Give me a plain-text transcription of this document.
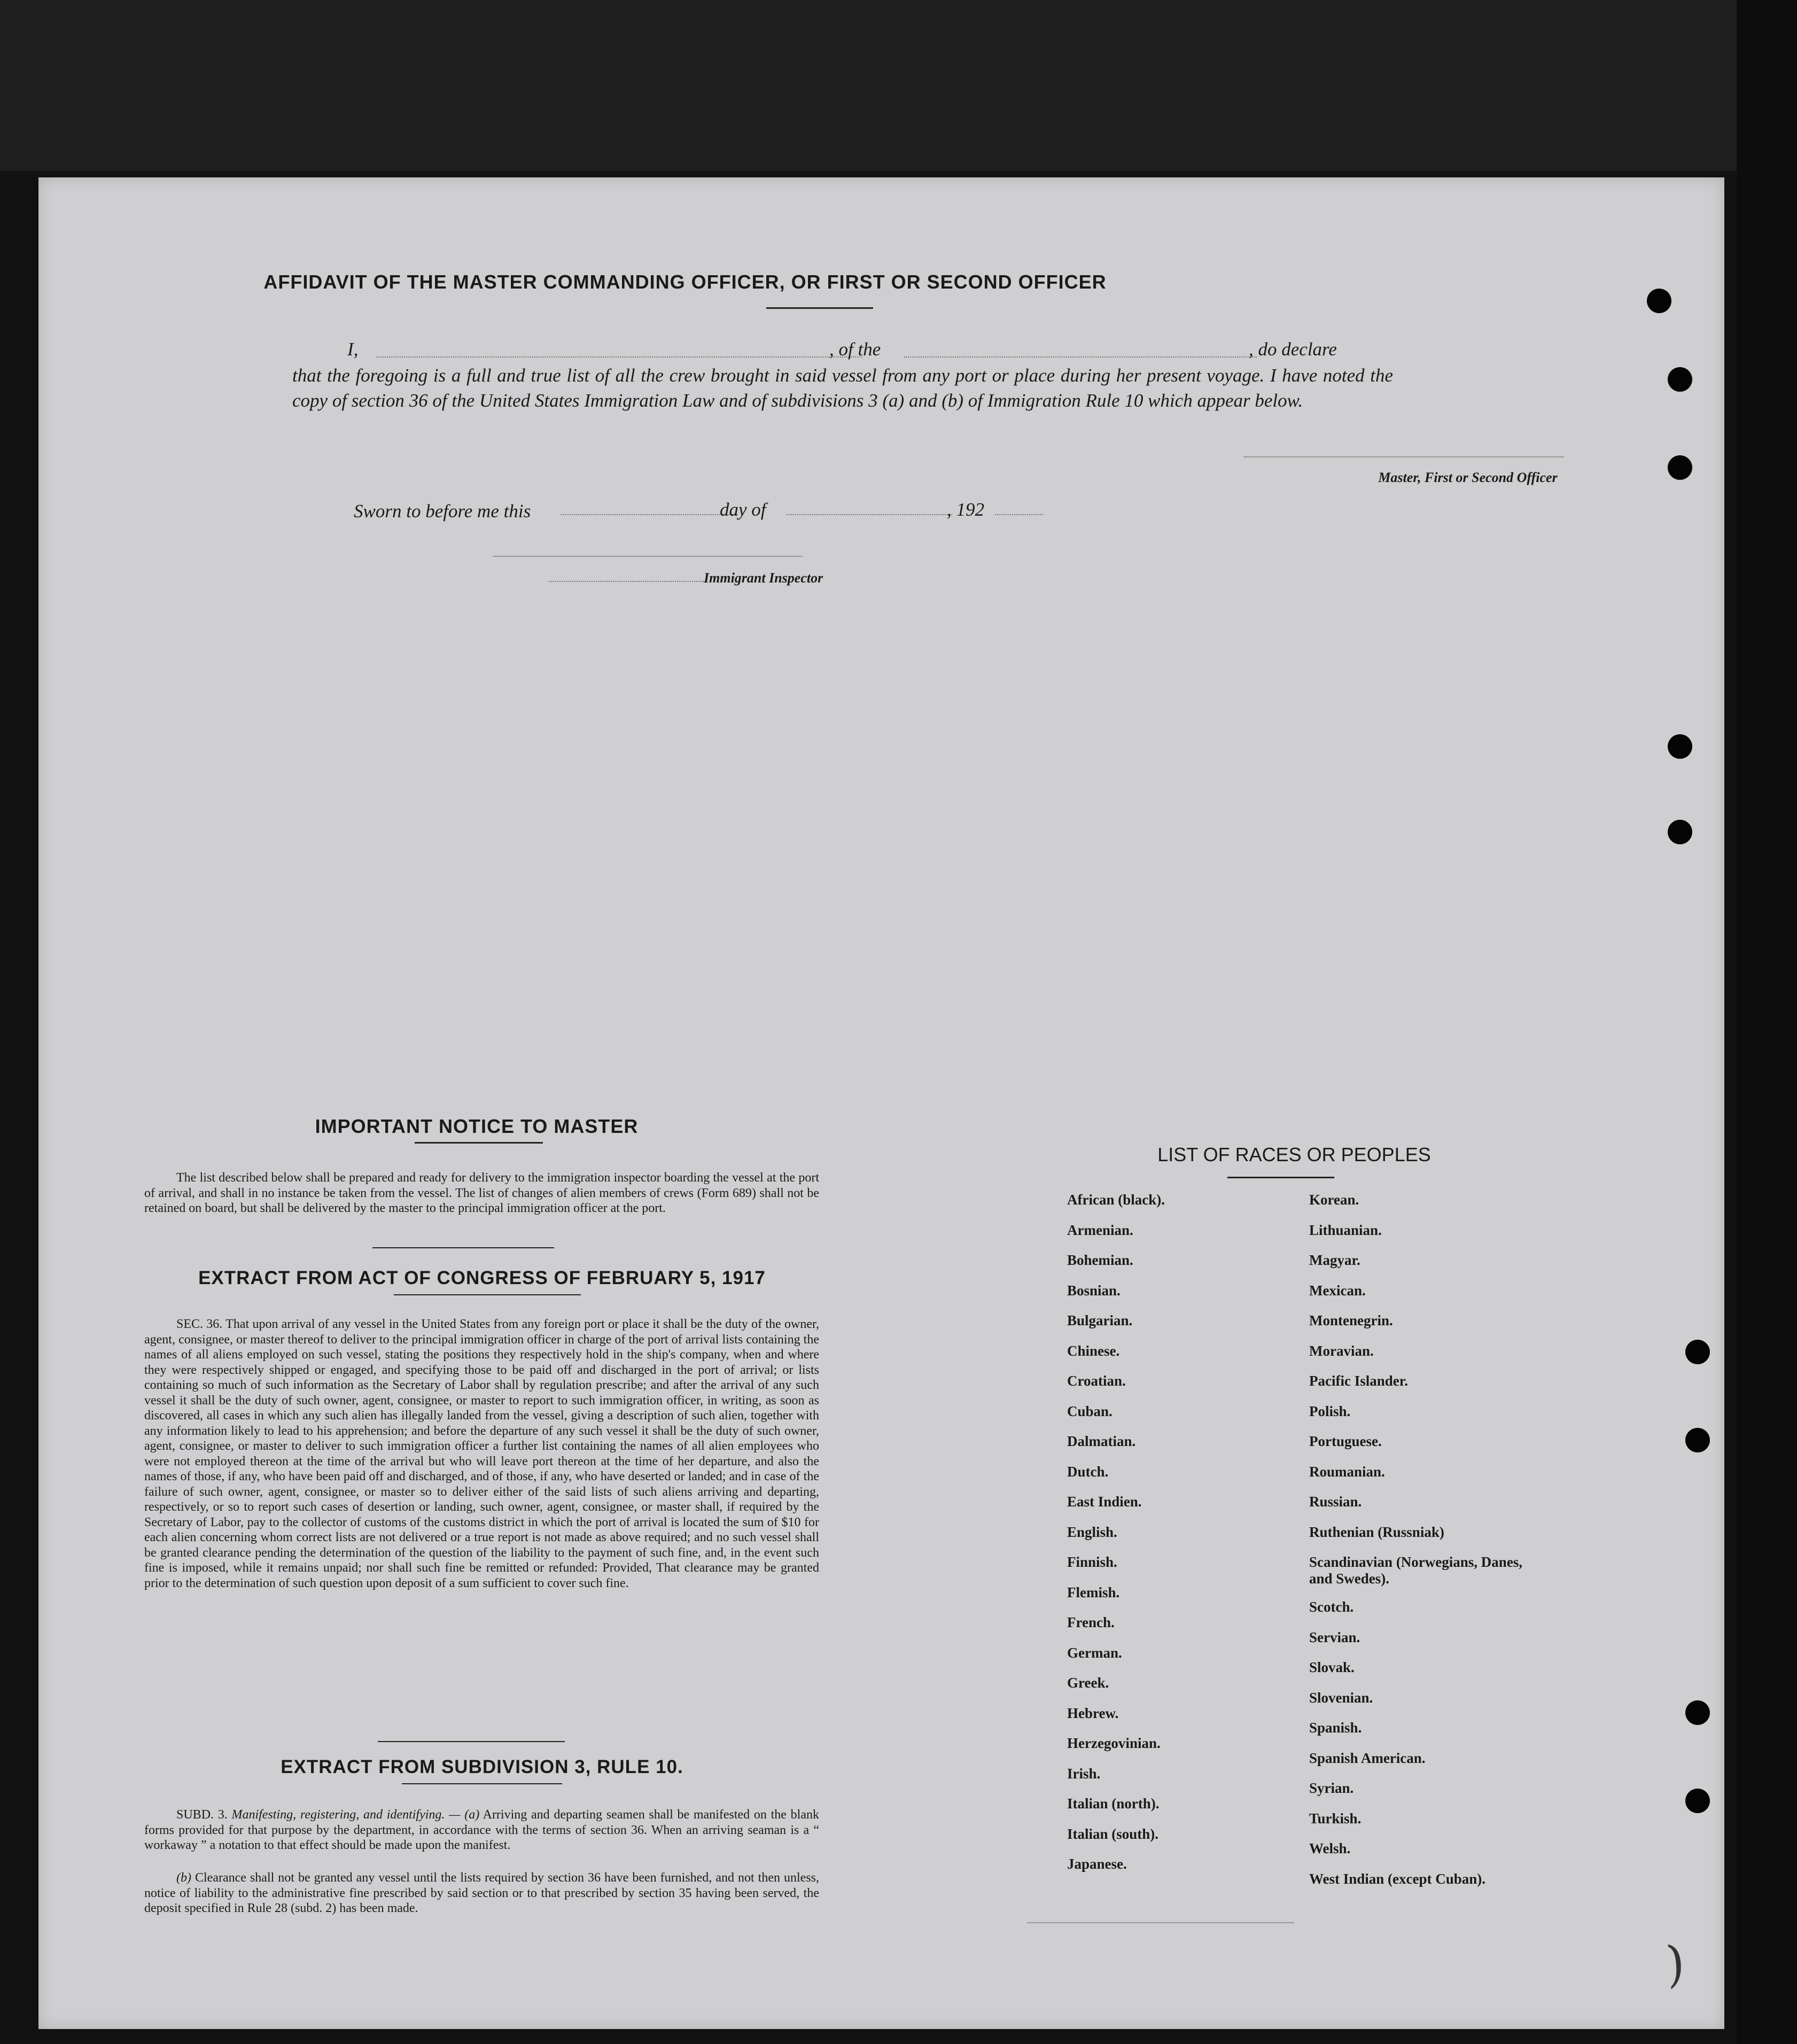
AFFIDAVIT OF THE MASTER COMMANDING OFFICER, OR FIRST OR SECOND OFFICER
I,	, of the	, do declare
that the foregoing is a full and true list of all the crew brought in said vessel from any port or place during her present voyage. I have noted the copy of section 36 of the United States Immigration Law and of subdivisions 3 (a) and (b) of Immigration Rule 10 which appear below.
Master, First or Second Officer
Sworn to before me this	day of	, 192
Immigrant Inspector
IMPORTANT NOTICE TO MASTER
The list described below shall be prepared and ready for delivery to the immigration inspector boarding the vessel at the port of arrival, and shall in no instance be taken from the vessel. The list of changes of alien members of crews (Form 689) shall not be retained on board, but shall be delivered by the master to the principal immigration officer at the port.
EXTRACT FROM ACT OF CONGRESS OF FEBRUARY 5, 1917
SEC. 36. That upon arrival of any vessel in the United States from any foreign port or place it shall be the duty of the owner, agent, consignee, or master thereof to deliver to the principal immigration officer in charge of the port of arrival lists containing the names of all aliens employed on such vessel, stating the positions they respectively hold in the ship's company, when and where they were respectively shipped or engaged, and specifying those to be paid off and discharged in the port of arrival; or lists containing so much of such information as the Secretary of Labor shall by regulation prescribe; and after the arrival of any such vessel it shall be the duty of such owner, agent, consignee, or master to report to such immigration officer, in writing, as soon as discovered, all cases in which any such alien has illegally landed from the vessel, giving a description of such alien, together with any information likely to lead to his apprehension; and before the departure of any such vessel it shall be the duty of such owner, agent, consignee, or master to deliver to such immigration officer a further list containing the names of all alien employees who were not employed thereon at the time of the arrival but who will leave port thereon at the time of her departure, and also the names of those, if any, who have been paid off and discharged, and of those, if any, who have deserted or landed; and in case of the failure of such owner, agent, consignee, or master so to deliver either of the said lists of such aliens arriving and departing, respectively, or so to report such cases of desertion or landing, such owner, agent, consignee, or master shall, if required by the Secretary of Labor, pay to the collector of customs of the customs district in which the port of arrival is located the sum of $10 for each alien concerning whom correct lists are not delivered or a true report is not made as above required; and no such vessel shall be granted clearance pending the determination of the question of the liability to the payment of such fine, and, in the event such fine is imposed, while it remains unpaid; nor shall such fine be remitted or refunded: Provided, That clearance may be granted prior to the determination of such question upon deposit of a sum sufficient to cover such fine.
EXTRACT FROM SUBDIVISION 3, RULE 10.
SUBD. 3. Manifesting, registering, and identifying. — (a) Arriving and departing seamen shall be manifested on the blank forms provided for that purpose by the department, in accordance with the terms of section 36. When an arriving seaman is a “ workaway ” a notation to that effect should be made upon the manifest.
(b) Clearance shall not be granted any vessel until the lists required by section 36 have been furnished, and not then unless, notice of liability to the administrative fine prescribed by said section or to that prescribed by section 35 having been served, the deposit specified in Rule 28 (subd. 2) has been made.
LIST OF RACES OR PEOPLES
African (black).
Armenian.
Bohemian.
Bosnian.
Bulgarian.
Chinese.
Croatian.
Cuban.
Dalmatian.
Dutch.
East Indien.
English.
Finnish.
Flemish.
French.
German.
Greek.
Hebrew.
Herzegovinian.
Irish.
Italian (north).
Italian (south).
Japanese.
Korean.
Lithuanian.
Magyar.
Mexican.
Montenegrin.
Moravian.
Pacific Islander.
Polish.
Portuguese.
Roumanian.
Russian.
Ruthenian (Russniak)
Scandinavian (Norwegians, Danes, and Swedes).
Scotch.
Servian.
Slovak.
Slovenian.
Spanish.
Spanish American.
Syrian.
Turkish.
Welsh.
West Indian (except Cuban).
)
